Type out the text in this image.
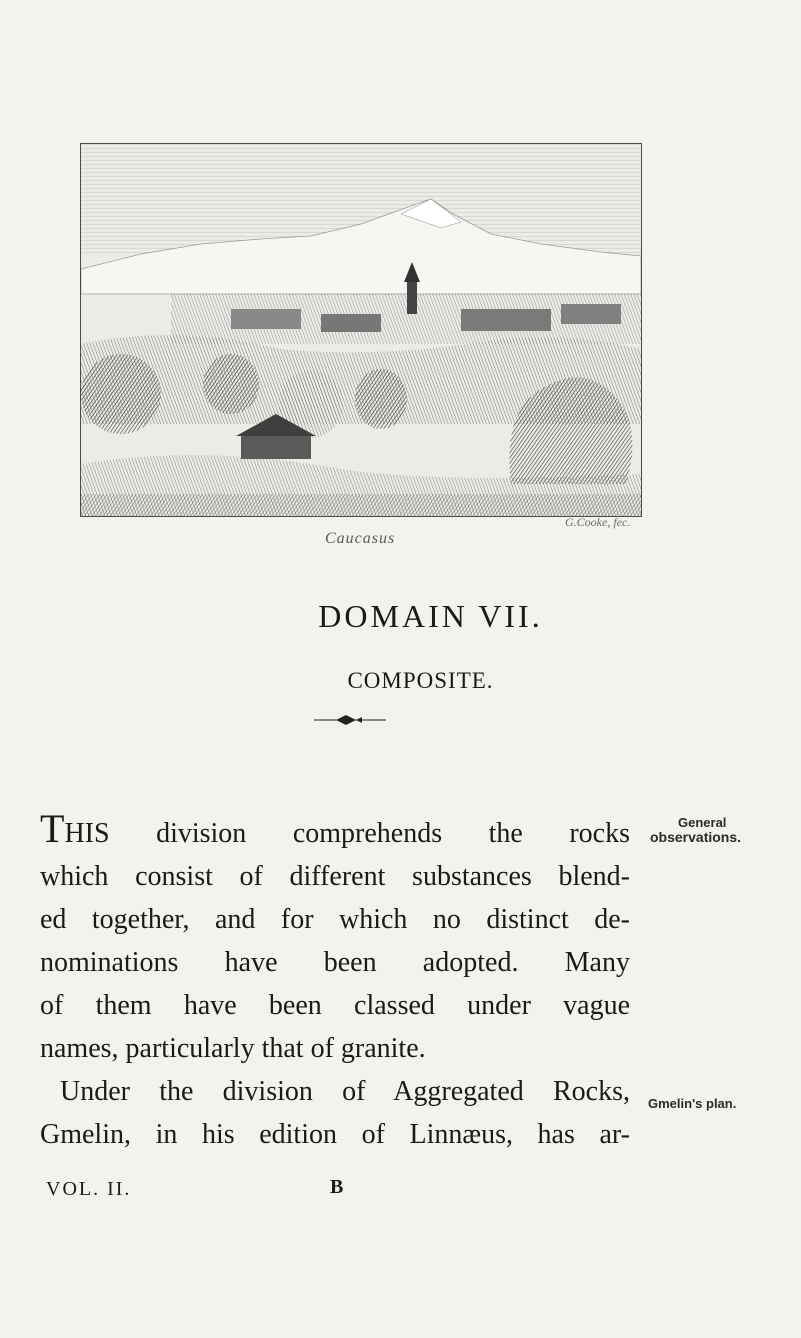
G.Cooke, fec.
Caucasus
DOMAIN VII.
COMPOSITE.
THIS division comprehends the rocks
which consist of different substances blend-
ed together, and for which no distinct de-
nominations have been adopted. Many
of them have been classed under vague
names, particularly that of granite.
Under the division of Aggregated Rocks,
Gmelin, in his edition of Linnæus, has ar-
General
observations.
Gmelin's plan.
VOL. II.	B
